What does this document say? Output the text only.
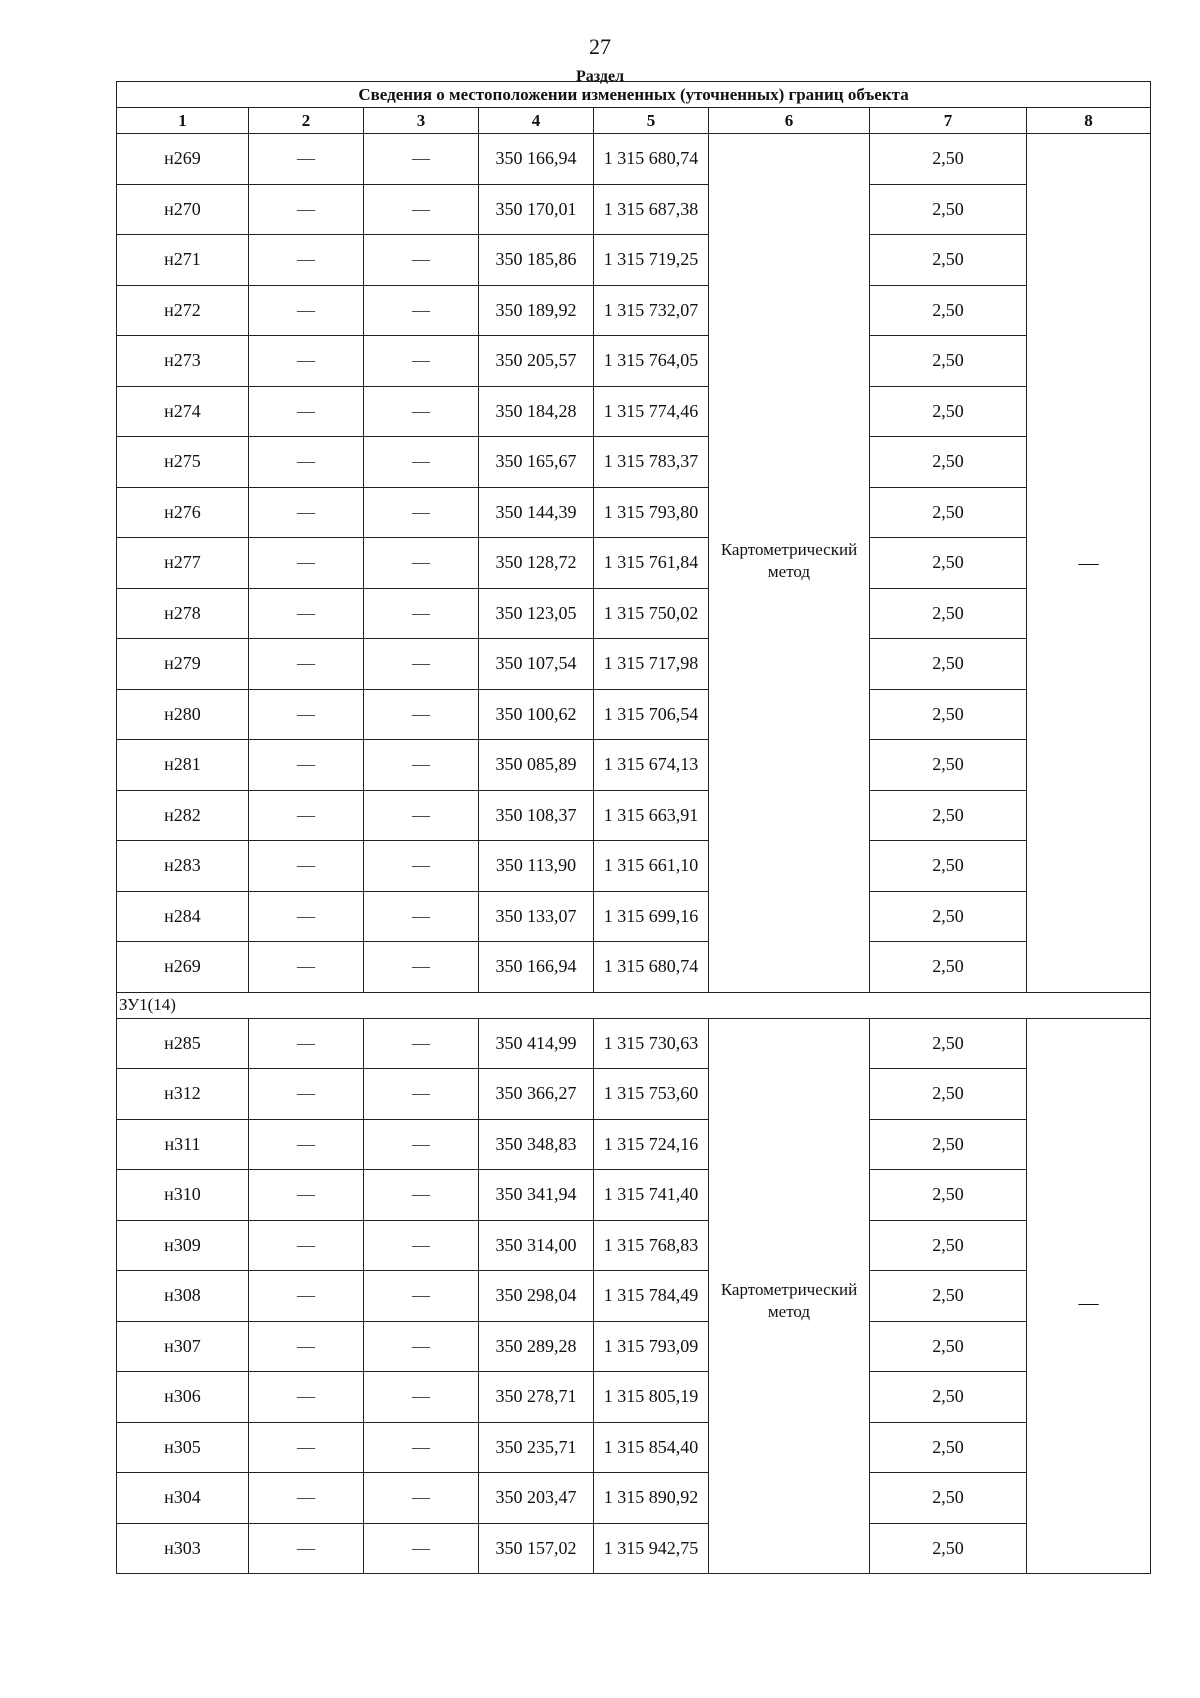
27
Раздел
Сведения о местоположении измененных (уточненных) границ объекта							
1	2	3	4	5	6	7	8
н269	—	—	350 166,94	1 315 680,74	Картометрический метод	2,50	—
н270	—	—	350 170,01	1 315 687,38		2,50	
н271	—	—	350 185,86	1 315 719,25		2,50	
н272	—	—	350 189,92	1 315 732,07		2,50	
н273	—	—	350 205,57	1 315 764,05		2,50	
н274	—	—	350 184,28	1 315 774,46		2,50	
н275	—	—	350 165,67	1 315 783,37		2,50	
н276	—	—	350 144,39	1 315 793,80		2,50	
н277	—	—	350 128,72	1 315 761,84		2,50	
н278	—	—	350 123,05	1 315 750,02		2,50	
н279	—	—	350 107,54	1 315 717,98		2,50	
н280	—	—	350 100,62	1 315 706,54		2,50	
н281	—	—	350 085,89	1 315 674,13		2,50	
н282	—	—	350 108,37	1 315 663,91		2,50	
н283	—	—	350 113,90	1 315 661,10		2,50	
н284	—	—	350 133,07	1 315 699,16		2,50	
н269	—	—	350 166,94	1 315 680,74		2,50	
ЗУ1(14)							
н285	—	—	350 414,99	1 315 730,63	Картометрический метод	2,50	—
н312	—	—	350 366,27	1 315 753,60		2,50	
н311	—	—	350 348,83	1 315 724,16		2,50	
н310	—	—	350 341,94	1 315 741,40		2,50	
н309	—	—	350 314,00	1 315 768,83		2,50	
н308	—	—	350 298,04	1 315 784,49		2,50	
н307	—	—	350 289,28	1 315 793,09		2,50	
н306	—	—	350 278,71	1 315 805,19		2,50	
н305	—	—	350 235,71	1 315 854,40		2,50	
н304	—	—	350 203,47	1 315 890,92		2,50	
н303	—	—	350 157,02	1 315 942,75		2,50	
